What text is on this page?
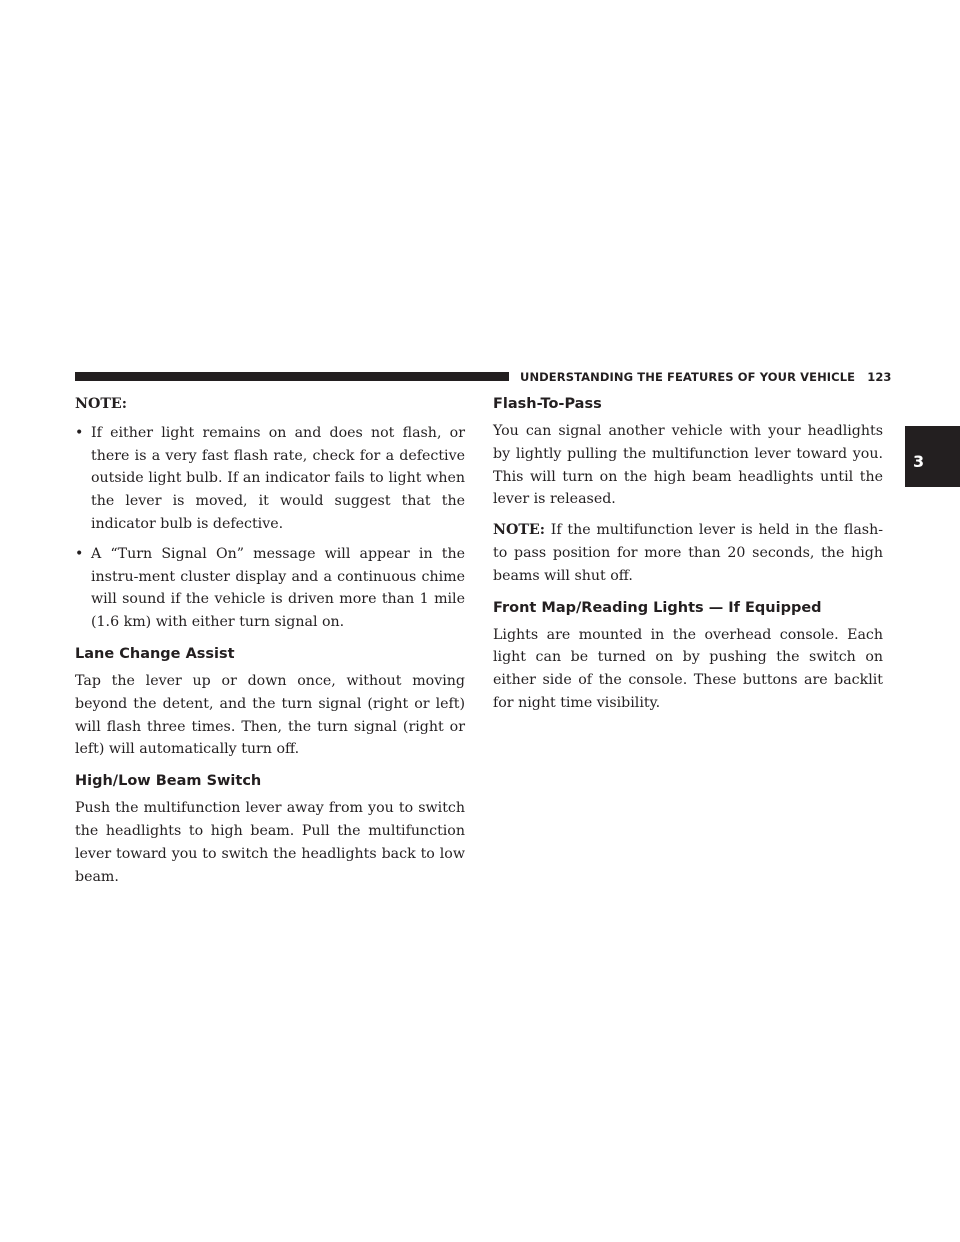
UNDERSTANDING THE FEATURES OF YOUR VEHICLE 123
3
NOTE:
• If either light remains on and does not flash, or there is a very fast flash rate, check for a defective outside light bulb. If an indicator fails to light when the lever is moved, it would suggest that the indicator bulb is defective.
• A “Turn Signal On” message will appear in the instru-ment cluster display and a continuous chime will sound if the vehicle is driven more than 1 mile (1.6 km) with either turn signal on.
Lane Change Assist

Tap the lever up or down once, without moving beyond the detent, and the turn signal (right or left) will flash three times. Then, the turn signal (right or left) will automatically turn off.

High/Low Beam Switch

Push the multifunction lever away from you to switch the headlights to high beam. Pull the multifunction lever toward you to switch the headlights back to low beam.

Flash-To-Pass

You can signal another vehicle with your headlights by lightly pulling the multifunction lever toward you. This will turn on the high beam headlights until the lever is released.

NOTE: If the multifunction lever is held in the flash-to pass position for more than 20 seconds, the high beams will shut off.

Front Map/Reading Lights — If Equipped

Lights are mounted in the overhead console. Each light can be turned on by pushing the switch on either side of the console. These buttons are backlit for night time visibility.
